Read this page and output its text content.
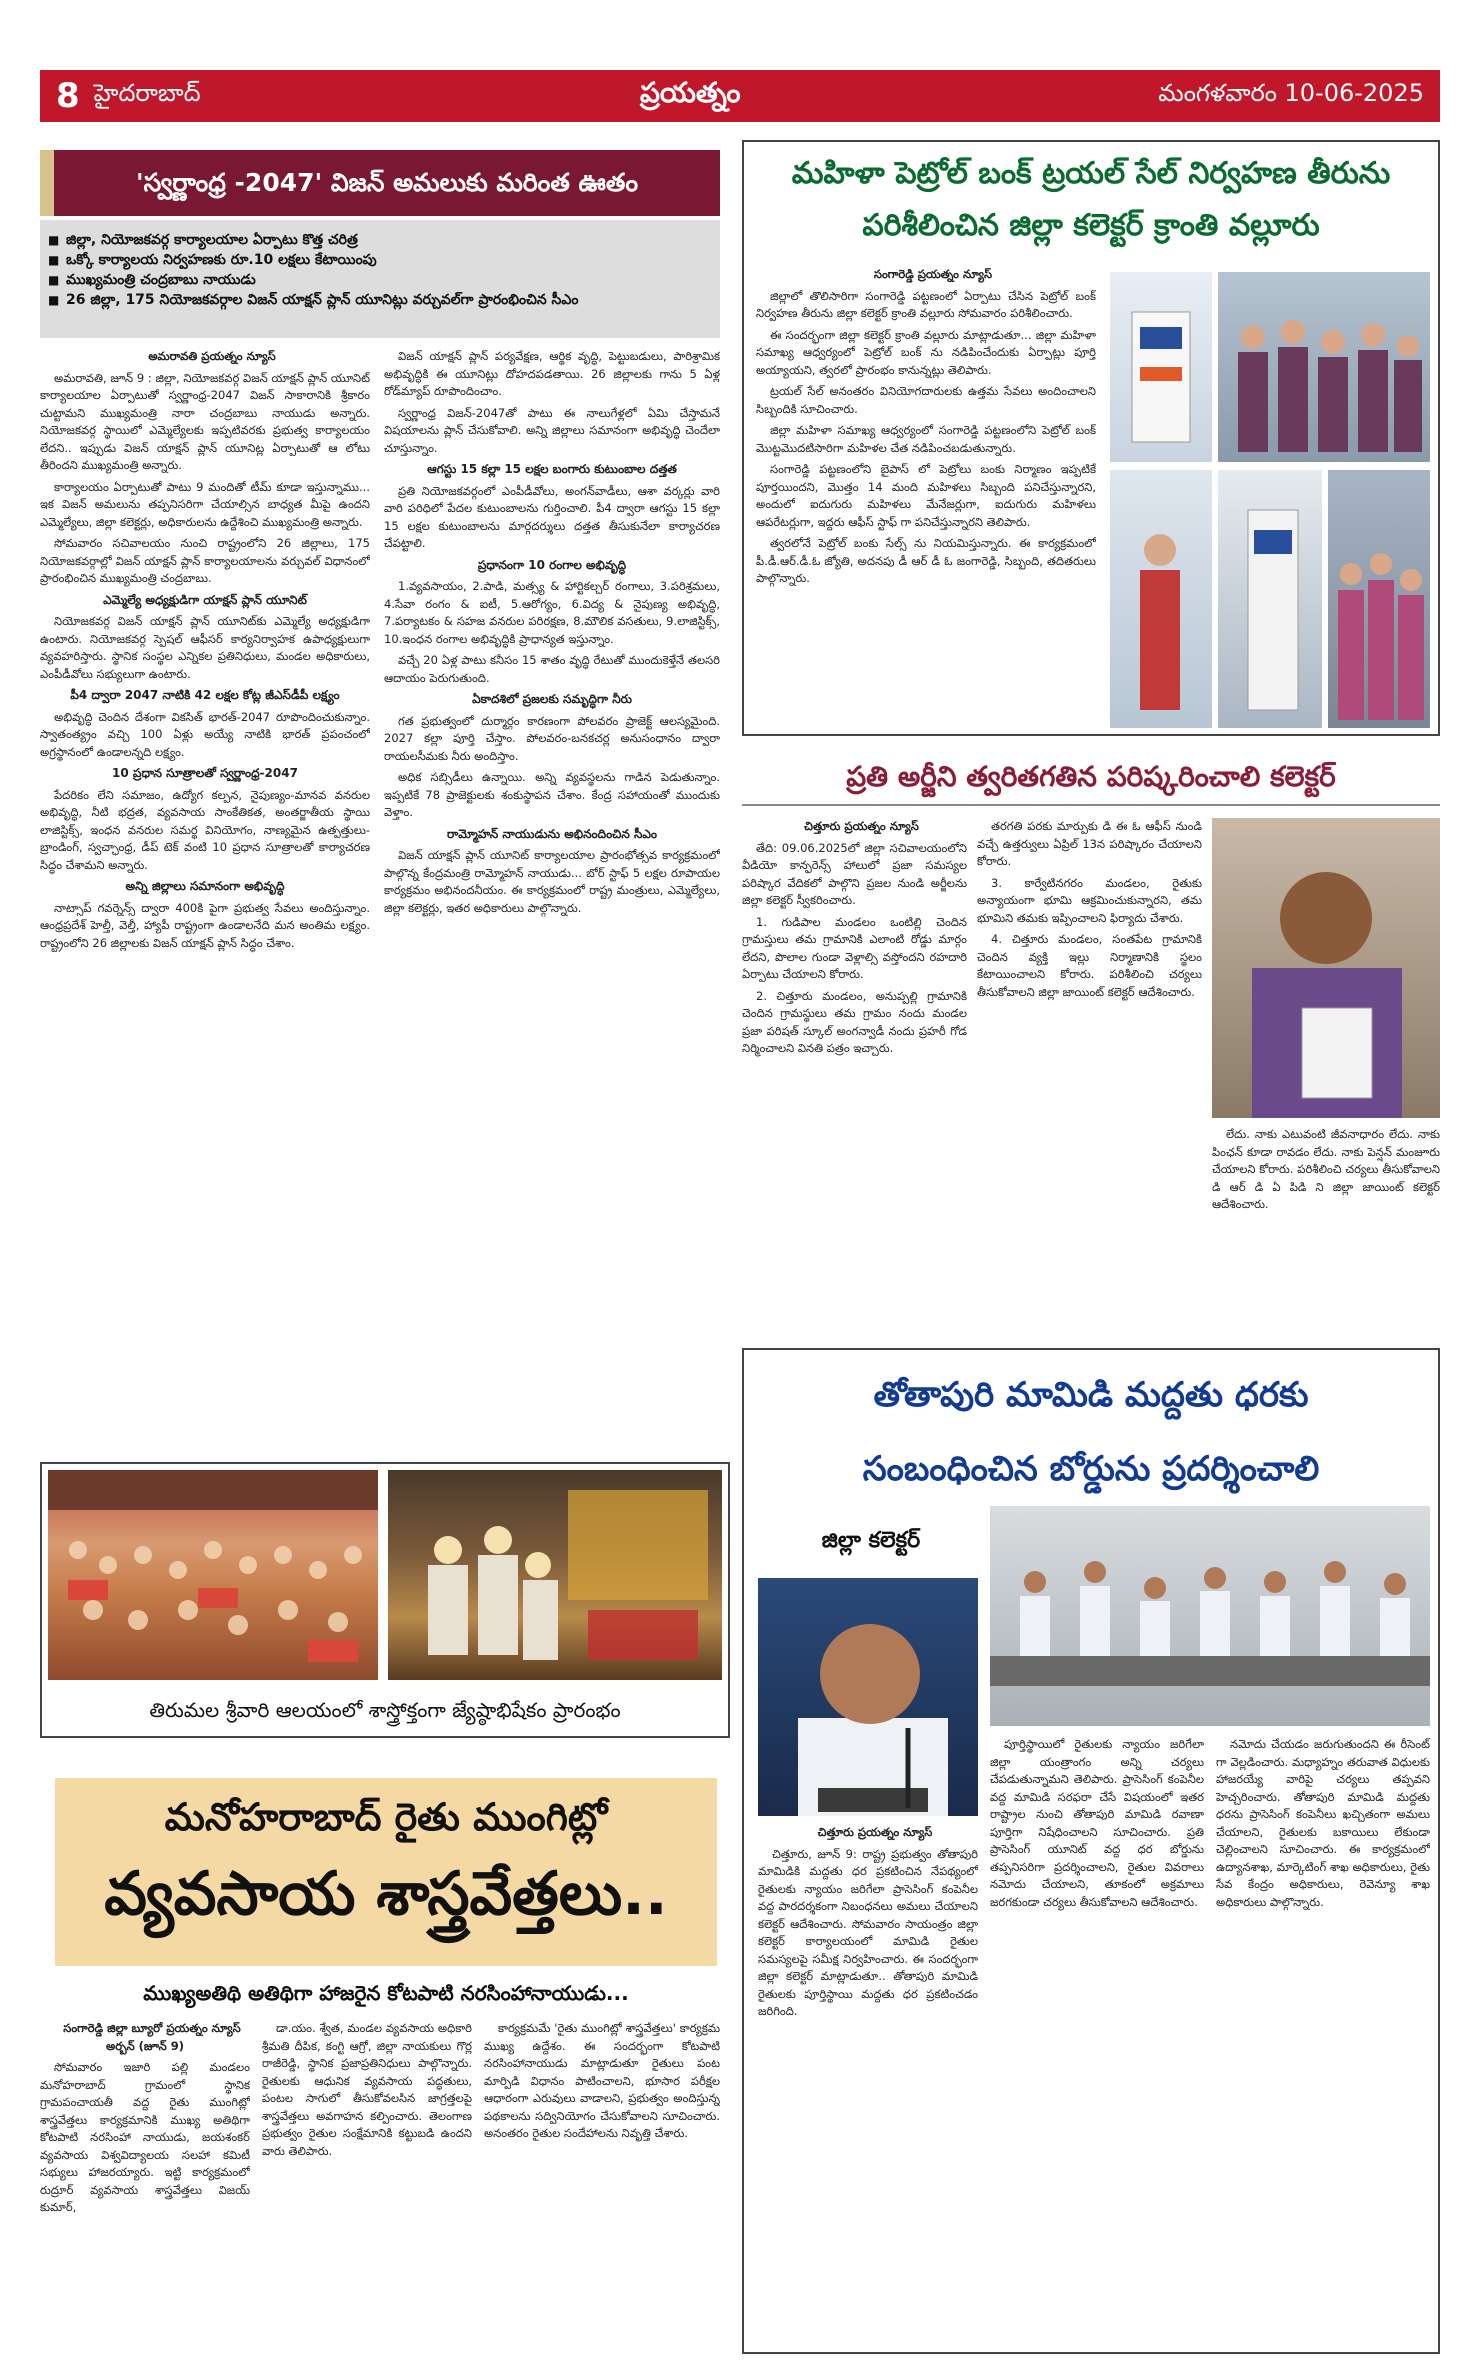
8 హైదరాబాద్	ప్రయత్నం	మంగళవారం 10-06-2025
'స్వర్ణాంధ్ర -2047' విజన్ అమలుకు మరింత ఊతం
■ జిల్లా, నియోజకవర్గ కార్యాలయాల ఏర్పాటు కొత్త చరిత్ర
■ ఒక్కో కార్యాలయ నిర్వహణకు రూ.10 లక్షలు కేటాయింపు
■ ముఖ్యమంత్రి చంద్రబాబు నాయుడు
■ 26 జిల్లా, 175 నియోజకవర్గాల విజన్ యాక్షన్ ప్లాన్ యూనిట్లు వర్చువల్‌గా ప్రారంభించిన సీఎం

అమరావతి ప్రయత్నం న్యూస్

అమరావతి, జూన్ 9 : జిల్లా, నియోజకవర్గ విజన్ యాక్షన్ ప్లాన్ యూనిట్ కార్యాలయాల ఏర్పాటుతో స్వర్ణాంధ్ర-2047 విజన్ సాకారానికి శ్రీకారం చుట్టామని ముఖ్యమంత్రి నారా చంద్రబాబు నాయుడు అన్నారు. నియోజకవర్గ స్థాయిలో ఎమ్మెల్యేలకు ఇప్పటివరకు ప్రభుత్వ కార్యాలయం లేదని.. ఇప్పుడు విజన్ యాక్షన్ ప్లాన్ యూనిట్ల ఏర్పాటుతో ఆ లోటు తీరిందని ముఖ్యమంత్రి అన్నారు.

కార్యాలయం ఏర్పాటుతో పాటు 9 మందితో టీమ్ కూడా ఇస్తున్నాము... ఇక విజన్ అమలును తప్పనిసరిగా చేయాల్సిన బాధ్యత మీపై ఉందని ఎమ్మెల్యేలు, జిల్లా కలెక్టర్లు, అధికారులను ఉద్దేశించి ముఖ్యమంత్రి అన్నారు.

సోమవారం సచివాలయం నుంచి రాష్ట్రంలోని 26 జిల్లాలు, 175 నియోజకవర్గాల్లో విజన్ యాక్షన్ ప్లాన్ కార్యాలయాలను వర్చువల్ విధానంలో ప్రారంభించిన ముఖ్యమంత్రి చంద్రబాబు.

ఎమ్మెల్యే అధ్యక్షుడిగా యాక్షన్ ప్లాన్ యూనిట్

నియోజకవర్గ విజన్ యాక్షన్ ప్లాన్ యూనిట్‌కు ఎమ్మెల్యే అధ్యక్షుడిగా ఉంటారు. నియోజకవర్గ స్పెషల్ ఆఫీసర్ కార్యనిర్వాహక ఉపాధ్యక్షులుగా వ్యవహరిస్తారు. స్థానిక సంస్థల ఎన్నికల ప్రతినిధులు, మండల అధికారులు, ఎంపీడీవోలు సభ్యులుగా ఉంటారు.

పీ4 ద్వారా 2047 నాటికి 42 లక్షల కోట్ల జీఎస్‌డీపీ లక్ష్యం

అభివృద్ధి చెందిన దేశంగా వికసిత్ భారత్-2047 రూపొందించుకున్నాం. స్వాతంత్య్రం వచ్చి 100 ఏళ్లు అయ్యే నాటికి భారత్ ప్రపంచంలో అగ్రస్థానంలో ఉండాలన్నది లక్ష్యం.

10 ప్రధాన సూత్రాలతో స్వర్ణాంధ్ర-2047

పేదరికం లేని సమాజం, ఉద్యోగ కల్పన, నైపుణ్యం-మానవ వనరుల అభివృద్ధి, నీటి భద్రత, వ్యవసాయ సాంకేతికత, అంతర్జాతీయ స్థాయి లాజిస్టిక్స్, ఇంధన వనరుల సమర్థ వినియోగం, నాణ్యమైన ఉత్పత్తులు-బ్రాండింగ్, స్వచ్ఛాంధ్ర, డీప్ టెక్ వంటి 10 ప్రధాన సూత్రాలతో కార్యాచరణ సిద్ధం చేశామని అన్నారు.

అన్ని జిల్లాలు సమానంగా అభివృద్ధి

నాట్సాప్ గవర్నెన్స్ ద్వారా 400కి పైగా ప్రభుత్వ సేవలు అందిస్తున్నాం. ఆంధ్రప్రదేశ్ హెల్తీ, వెల్తీ, హ్యాపీ రాష్ట్రంగా ఉండాలనేది మన అంతిమ లక్ష్యం. రాష్ట్రంలోని 26 జిల్లాలకు విజన్ యాక్షన్ ప్లాన్ సిద్ధం చేశాం.

విజన్ యాక్షన్ ప్లాన్ పర్యవేక్షణ, ఆర్థిక వృద్ధి, పెట్టుబడులు, పారిశ్రామిక అభివృద్ధికి ఈ యూనిట్లు దోహదపడతాయి. 26 జిల్లాలకు గాను 5 ఏళ్ల రోడ్‌మ్యాప్ రూపొందించాం.

స్వర్ణాంధ్ర విజన్-2047తో పాటు ఈ నాలుగేళ్లలో ఏమి చేస్తామనే విషయాలను ప్లాన్ చేసుకోవాలి. అన్ని జిల్లాలు సమానంగా అభివృద్ధి చెందేలా చూస్తున్నాం.

ఆగస్టు 15 కల్లా 15 లక్షల బంగారు కుటుంబాల దత్తత

ప్రతి నియోజకవర్గంలో ఎంపీడీవోలు, అంగన్‌వాడీలు, ఆశా వర్కర్లు వారి వారి పరిధిలో పేదల కుటుంబాలను గుర్తించాలి. పీ4 ద్వారా ఆగస్టు 15 కల్లా 15 లక్షల కుటుంబాలను మార్గదర్శులు దత్తత తీసుకునేలా కార్యాచరణ చేపట్టాలి.

ప్రధానంగా 10 రంగాల అభివృద్ధి

1.వ్యవసాయం, 2.పాడి, మత్స్య & హార్టికల్చర్ రంగాలు, 3.పరిశ్రమలు, 4.సేవా రంగం & ఐటీ, 5.ఆరోగ్యం, 6.విద్య & నైపుణ్య అభివృద్ధి, 7.పర్యాటకం & సహజ వనరుల పరిరక్షణ, 8.మౌలిక వసతులు, 9.లాజిస్టిక్స్, 10.ఇంధన రంగాల అభివృద్ధికి ప్రాధాన్యత ఇస్తున్నాం.

వచ్చే 20 ఏళ్ల పాటు కనీసం 15 శాతం వృద్ధి రేటుతో ముందుకెళ్తేనే తలసరి ఆదాయం పెరుగుతుంది.

ఏకాదశిలో ప్రజలకు సమృద్ధిగా నీరు

గత ప్రభుత్వంలో దుర్మార్గం కారణంగా పోలవరం ప్రాజెక్ట్ ఆలస్యమైంది. 2027 కల్లా పూర్తి చేస్తాం. పోలవరం-బనకచర్ల అనుసంధానం ద్వారా రాయలసీమకు నీరు అందిస్తాం.

అధిక సబ్సిడీలు ఉన్నాయి. అన్ని వ్యవస్థలను గాడిన పెడుతున్నాం. ఇప్పటికే 78 ప్రాజెక్టులకు శంకుస్థాపన చేశాం. కేంద్ర సహాయంతో ముందుకు వెళ్తాం.

రామ్మోహన్ నాయుడును అభినందించిన సీఎం

విజన్ యాక్షన్ ప్లాన్ యూనిట్ కార్యాలయాల ప్రారంభోత్సవ కార్యక్రమంలో పాల్గొన్న కేంద్రమంత్రి రామ్మోహన్ నాయుడు... బోర్ స్టాఫ్ 5 లక్షల రూపాయల కార్యక్రమం అభినందనీయం. ఈ కార్యక్రమంలో రాష్ట్ర మంత్రులు, ఎమ్మెల్యేలు, జిల్లా కలెక్టర్లు, ఇతర అధికారులు పాల్గొన్నారు.

తిరుమల శ్రీవారి ఆలయంలో శాస్త్రోక్తంగా జ్యేష్ఠాభిషేకం ప్రారంభం
మనోహరాబాద్ రైతు ముంగిట్లో
వ్యవసాయ శాస్త్రవేత్తలు..
ముఖ్యఅతిథి అతిథిగా హాజరైన కోటపాటి నరసింహానాయుడు...

సంగారెడ్డి జిల్లా బ్యూరో ప్రయత్నం న్యూస్ అర్బన్ (జూన్ 9)

సోమవారం ఇజారి పల్లి మండలం మనోహరాబాద్ గ్రామంలో స్థానిక గ్రామపంచాయతీ వద్ద రైతు ముంగిట్లో శాస్త్రవేత్తలు కార్యక్రమానికి ముఖ్య అతిథిగా కోటపాటి నరసింహా నాయుడు, జయశంకర్ వ్యవసాయ విశ్వవిద్యాలయ సలహా కమిటీ సభ్యులు హాజరయ్యారు. ఇట్టి కార్యక్రమంలో రుద్రూర్ వ్యవసాయ శాస్త్రవేత్తలు విజయ్ కుమార్,

డా.యం. శ్వేత, మండల వ్యవసాయ అధికారి శ్రీమతి దీపిక, కంగ్టి ఆగ్రో, జిల్లా నాయకులు గొర్ల రాజీరెడ్డి, స్థానిక ప్రజాప్రతినిధులు పాల్గొన్నారు. రైతులకు ఆధునిక వ్యవసాయ పద్ధతులు, పంటల సాగులో తీసుకోవలసిన జాగ్రత్తలపై శాస్త్రవేత్తలు అవగాహన కల్పించారు. తెలంగాణ ప్రభుత్వం రైతుల సంక్షేమానికి కట్టుబడి ఉందని వారు తెలిపారు.

కార్యక్రమమే 'రైతు ముంగిట్లో శాస్త్రవేత్తలు' కార్యక్రమ ముఖ్య ఉద్దేశం. ఈ సందర్భంగా కోటపాటి నరసింహానాయుడు మాట్లాడుతూ రైతులు పంట మార్పిడి విధానం పాటించాలని, భూసార పరీక్షల ఆధారంగా ఎరువులు వాడాలని, ప్రభుత్వం అందిస్తున్న పథకాలను సద్వినియోగం చేసుకోవాలని సూచించారు. అనంతరం రైతుల సందేహాలను నివృత్తి చేశారు.

మహిళా పెట్రోల్ బంక్ ట్రయల్ సేల్ నిర్వహణ తీరును
పరిశీలించిన జిల్లా కలెక్టర్ క్రాంతి వల్లూరు

సంగారెడ్డి ప్రయత్నం న్యూస్

జిల్లాలో తొలిసారిగా సంగారెడ్డి పట్టణంలో ఏర్పాటు చేసిన పెట్రోల్ బంక్ నిర్వహణ తీరును జిల్లా కలెక్టర్ క్రాంతి వల్లూరు సోమవారం పరిశీలించారు.

ఈ సందర్భంగా జిల్లా కలెక్టర్ క్రాంతి వల్లూరు మాట్లాడుతూ... జిల్లా మహిళా సమాఖ్య ఆధ్వర్యంలో పెట్రోల్ బంక్ ను నడిపించేందుకు ఏర్పాట్లు పూర్తి అయ్యాయని, త్వరలో ప్రారంభం కానున్నట్లు తెలిపారు.

ట్రయల్ సేల్ అనంతరం వినియోగదారులకు ఉత్తమ సేవలు అందించాలని సిబ్బందికి సూచించారు.

జిల్లా మహిళా సమాఖ్య ఆధ్వర్యంలో సంగారెడ్డి పట్టణంలోని పెట్రోల్ బంక్ మొట్టమొదటిసారిగా మహిళల చేత నడిపించబడుతున్నారు.

సంగారెడ్డి పట్టణంలోని బైపాస్ లో పెట్రోలు బంకు నిర్మాణం ఇప్పటికే పూర్తయిందని, మొత్తం 14 మంది మహిళలు సిబ్బంది పనిచేస్తున్నారని, అందులో ఐదుగురు మహిళలు మేనేజర్లుగా, ఐదుగురు మహిళలు ఆపరేటర్లుగా, ఇద్దరు ఆఫీస్ స్టాఫ్ గా పనిచేస్తున్నారని తెలిపారు.

త్వరలోనే పెట్రోల్ బంకు సేల్స్ ను నియమిస్తున్నారు. ఈ కార్యక్రమంలో పీ.డీ.ఆర్.డీ.ఓ జ్యోతి, అదనపు డీ ఆర్ డీ ఓ జంగారెడ్డి, సిబ్బంది, తదితరులు పాల్గొన్నారు.

ప్రతి అర్జీని త్వరితగతిన పరిష్కరించాలి కలెక్టర్

చిత్తూరు ప్రయత్నం న్యూస్

తేది: 09.06.2025లో జిల్లా సచివాలయంలోని వీడియో కాన్ఫరెన్స్ హాలులో ప్రజా సమస్యల పరిష్కార వేదికలో పాల్గొని ప్రజల నుండి అర్జీలను జిల్లా కలెక్టర్ స్వీకరించారు.

1. గుడిపాల మండలం ఒంటిల్లి చెందిన గ్రామస్తులు తమ గ్రామానికి ఎలాంటి రోడ్డు మార్గం లేదని, పొలాల గుండా వెళ్లాల్సి వస్తోందని రహదారి ఏర్పాటు చేయాలని కోరారు.

2. చిత్తూరు మండలం, అనుప్పల్లి గ్రామానికి చెందిన గ్రామస్థులు తమ గ్రామం నందు మండల ప్రజా పరిషత్ స్కూల్ అంగన్వాడీ నందు ప్రహరీ గోడ నిర్మించాలని వినతి పత్రం ఇచ్చారు.

తరగతి పరకు మార్పుకు డి ఈ ఓ ఆఫీస్ నుండి వచ్చే ఉత్తర్వులు ఏప్రిల్ 13న పరిష్కారం చేయాలని కోరారు.

3. కార్వేటినగరం మండలం, రైతుకు అన్యాయంగా భూమి ఆక్రమించుకున్నారని, తమ భూమిని తమకు ఇప్పించాలని ఫిర్యాదు చేశారు.

4. చిత్తూరు మండలం, సంతపేట గ్రామానికి చెందిన వ్యక్తి ఇల్లు నిర్మాణానికి స్థలం కేటాయించాలని కోరారు. పరిశీలించి చర్యలు తీసుకోవాలని జిల్లా జాయింట్ కలెక్టర్ ఆదేశించారు.

లేదు. నాకు ఎటువంటి జీవనాధారం లేదు. నాకు పింఛన్ కూడా రావడం లేదు. నాకు పెన్షన్ మంజూరు చేయాలని కోరారు. పరిశీలించి చర్యలు తీసుకోవాలని డి ఆర్ డి ఏ పిడి ని జిల్లా జాయింట్ కలెక్టర్ ఆదేశించారు.

తోతాపురి మామిడి మద్దతు ధరకు
సంబంధించిన బోర్డును ప్రదర్శించాలి
జిల్లా కలెక్టర్

చిత్తూరు ప్రయత్నం న్యూస్

చిత్తూరు, జూన్ 9: రాష్ట్ర ప్రభుత్వం తోతాపురి మామిడికి మద్దతు ధర ప్రకటించిన నేపథ్యంలో రైతులకు న్యాయం జరిగేలా ప్రాసెసింగ్ కంపెనీల వద్ద పారదర్శకంగా నిబంధనలు అమలు చేయాలని కలెక్టర్ ఆదేశించారు. సోమవారం సాయంత్రం జిల్లా కలెక్టర్ కార్యాలయంలో మామిడి రైతుల సమస్యలపై సమీక్ష నిర్వహించారు. ఈ సందర్భంగా జిల్లా కలెక్టర్ మాట్లాడుతూ.. తోతాపురి మామిడి రైతులకు పూర్తిస్థాయి మద్దతు ధర ప్రకటించడం జరిగింది.

పూర్తిస్థాయిలో రైతులకు న్యాయం జరిగేలా జిల్లా యంత్రాంగం అన్ని చర్యలు చేపడుతున్నామని తెలిపారు. ప్రాసెసింగ్ కంపెనీల వద్ద మామిడి సరఫరా చేసే విషయంలో ఇతర రాష్ట్రాల నుంచి తోతాపురి మామిడి రవాణా పూర్తిగా నిషేధించాలని సూచించారు. ప్రతి ప్రాసెసింగ్ యూనిట్ వద్ద ధర బోర్డును తప్పనిసరిగా ప్రదర్శించాలని, రైతుల వివరాలు నమోదు చేయాలని, తూకంలో అక్రమాలు జరగకుండా చర్యలు తీసుకోవాలని ఆదేశించారు.

నమోదు చేయడం జరుగుతుందని ఈ రీసెంట్ గా వెల్లడించారు. మధ్యాహ్నం తరువాత విధులకు హాజరయ్యే వారిపై చర్యలు తప్పవని హెచ్చరించారు. తోతాపురి మామిడి మద్దతు ధరను ప్రాసెసింగ్ కంపెనీలు ఖచ్చితంగా అమలు చేయాలని, రైతులకు బకాయిలు లేకుండా చెల్లించాలని సూచించారు. ఈ కార్యక్రమంలో ఉద్యానశాఖ, మార్కెటింగ్ శాఖ అధికారులు, రైతు సేవ కేంద్రం అధికారులు, రెవెన్యూ శాఖ అధికారులు పాల్గొన్నారు.
